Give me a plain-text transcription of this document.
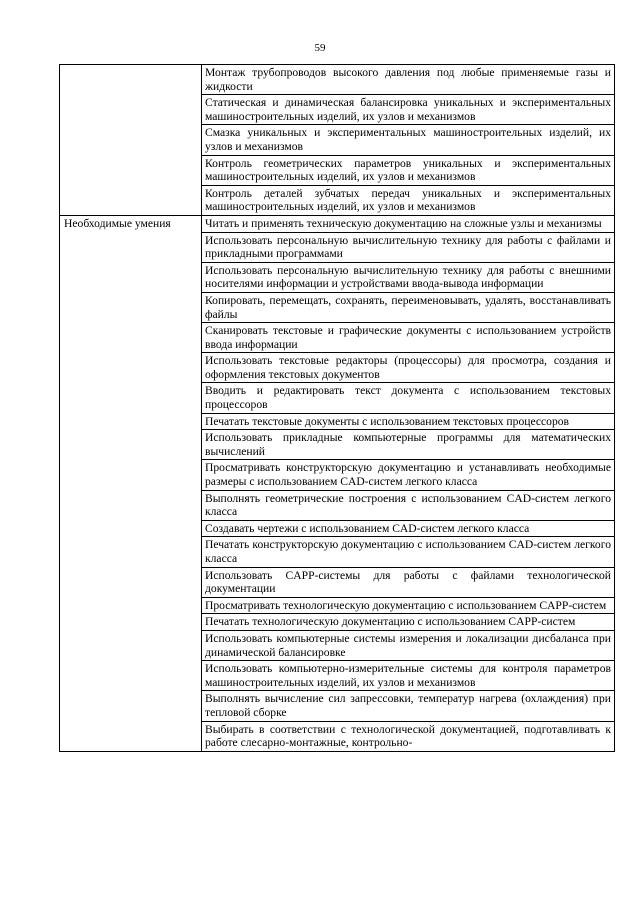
59
	Монтаж трубопроводов высокого давления под любые применяемые газы и жидкости
	Статическая и динамическая балансировка уникальных и экспериментальных машиностроительных изделий, их узлов и механизмов
	Смазка уникальных и экспериментальных машиностроительных изделий, их узлов и механизмов
	Контроль геометрических параметров уникальных и экспериментальных машиностроительных изделий, их узлов и механизмов
	Контроль деталей зубчатых передач уникальных и экспериментальных машиностроительных изделий, их узлов и механизмов
Необходимые умения	Читать и применять техническую документацию на сложные узлы и механизмы
	Использовать персональную вычислительную технику для работы с файлами и прикладными программами
	Использовать персональную вычислительную технику для работы с внешними носителями информации и устройствами ввода-вывода информации
	Копировать, перемещать, сохранять, переименовывать, удалять, восстанавливать файлы
	Сканировать текстовые и графические документы с использованием устройств ввода информации
	Использовать текстовые редакторы (процессоры) для просмотра, создания и оформления текстовых документов
	Вводить и редактировать текст документа с использованием текстовых процессоров
	Печатать текстовые документы с использованием текстовых процессоров
	Использовать прикладные компьютерные программы для математических вычислений
	Просматривать конструкторскую документацию и устанавливать необходимые размеры с использованием CAD-систем легкого класса
	Выполнять геометрические построения с использованием CAD-систем легкого класса
	Создавать чертежи с использованием CAD-систем легкого класса
	Печатать конструкторскую документацию с использованием CAD-систем легкого класса
	Использовать CAPP-системы для работы с файлами технологической документации
	Просматривать технологическую документацию с использованием CAPP-систем
	Печатать технологическую документацию с использованием CAPP-систем
	Использовать компьютерные системы измерения и локализации дисбаланса при динамической балансировке
	Использовать компьютерно-измерительные системы для контроля параметров машиностроительных изделий, их узлов и механизмов
	Выполнять вычисление сил запрессовки, температур нагрева (охлаждения) при тепловой сборке
	Выбирать в соответствии с технологической документацией, подготавливать к работе слесарно-монтажные, контрольно-
